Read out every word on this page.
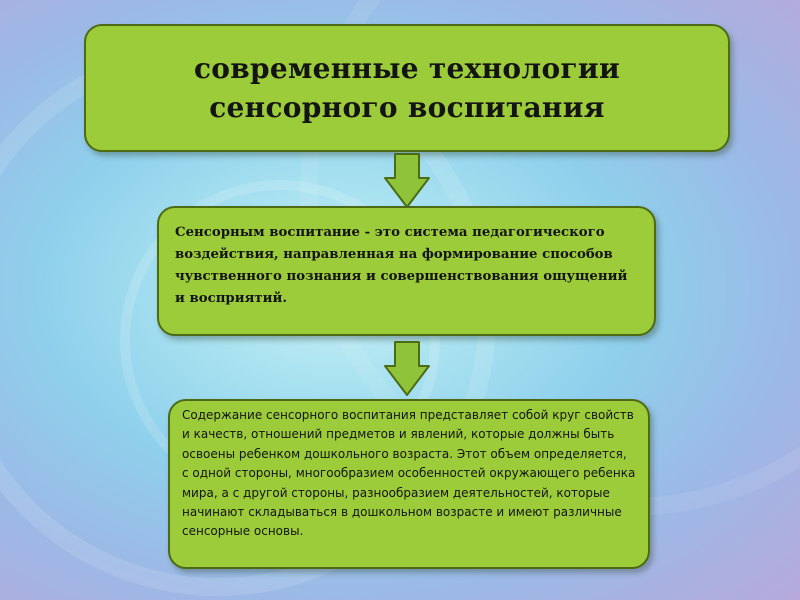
современные технологии
сенсорного воспитания
Сенсорным воспитание - это система педагогического воздействия, направленная на формирование способов чувственного познания и совершенствования ощущений и восприятий.
Содержание сенсорного воспитания представляет собой круг свойств и качеств, отношений предметов и явлений, которые должны быть освоены ребенком дошкольного возраста. Этот объем определяется, с одной стороны, многообразием особенностей окружающего ребенка мира, а с другой стороны, разнообразием деятельностей, которые начинают складываться в дошкольном возрасте и имеют различные сенсорные основы.
